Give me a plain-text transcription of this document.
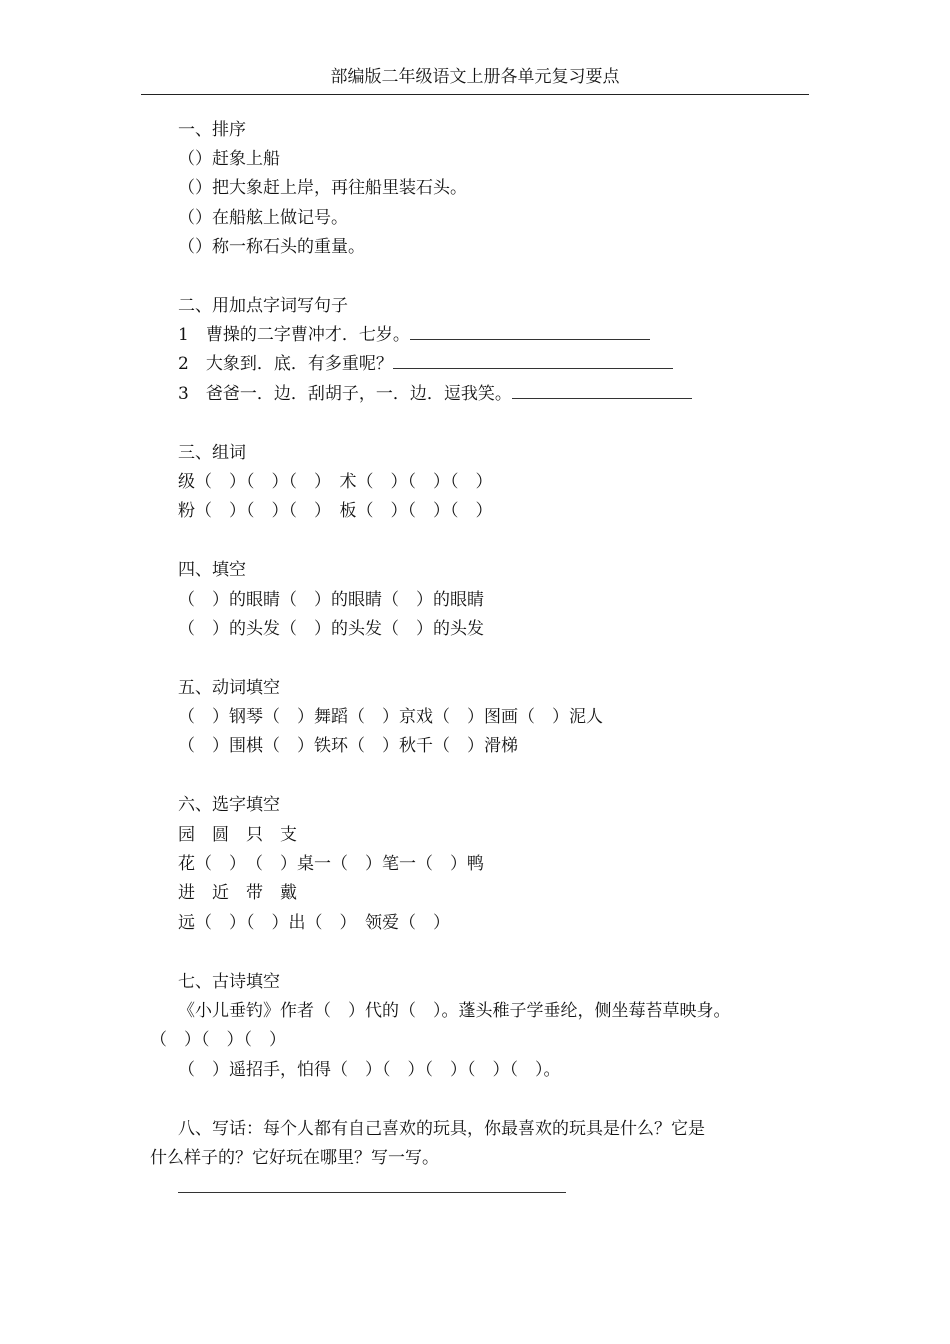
部编版二年级语文上册各单元复习要点
一、排序
（）赶象上船
（）把大象赶上岸，再往船里装石头。
（）在船舷上做记号。
（）称一称石头的重量。
二、用加点字词写句子
1　曹操的二字曹冲才．七岁。
2　大象到．底．有多重呢？
3　爸爸一．边．刮胡子，一．边．逗我笑。
三、组词
级（　）（　）（　）　术（　）（　）（　）
粉（　）（　）（　）　板（　）（　）（　）
四、填空
（　）的眼睛（　）的眼睛（　）的眼睛
（　）的头发（　）的头发（　）的头发
五、动词填空
（　）钢琴（　）舞蹈（　）京戏（　）图画（　）泥人
（　）围棋（　）铁环（　）秋千（　）滑梯
六、选字填空
园　圆　只　支
花（　）　（　）桌一（　）笔一（　）鸭
进　近　带　戴
远（　）（　）出（　）　领爱（　）
七、古诗填空
《小儿垂钓》作者（　）代的（　）。蓬头稚子学垂纶，侧坐莓苔草映身。
（　）（　）（　）
（　）遥招手，怕得（　）（　）（　）（　）（　）。
八、写话：每个人都有自己喜欢的玩具，你最喜欢的玩具是什么？它是
什么样子的？它好玩在哪里？写一写。
